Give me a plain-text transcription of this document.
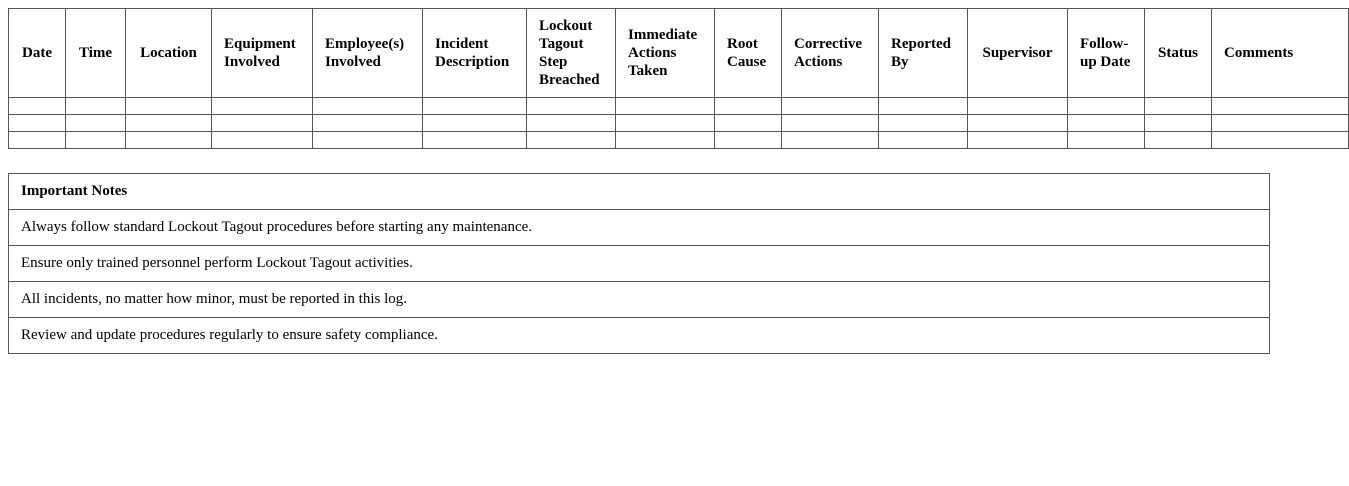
Date	Time	Location	Equipment Involved	Employee(s) Involved	Incident Description	Lockout Tagout Step Breached	Immediate Actions Taken	Root Cause	Corrective Actions	Reported By	Supervisor	Follow-up Date	Status	Comments

Important Notes
Always follow standard Lockout Tagout procedures before starting any maintenance.
Ensure only trained personnel perform Lockout Tagout activities.
All incidents, no matter how minor, must be reported in this log.
Review and update procedures regularly to ensure safety compliance.
